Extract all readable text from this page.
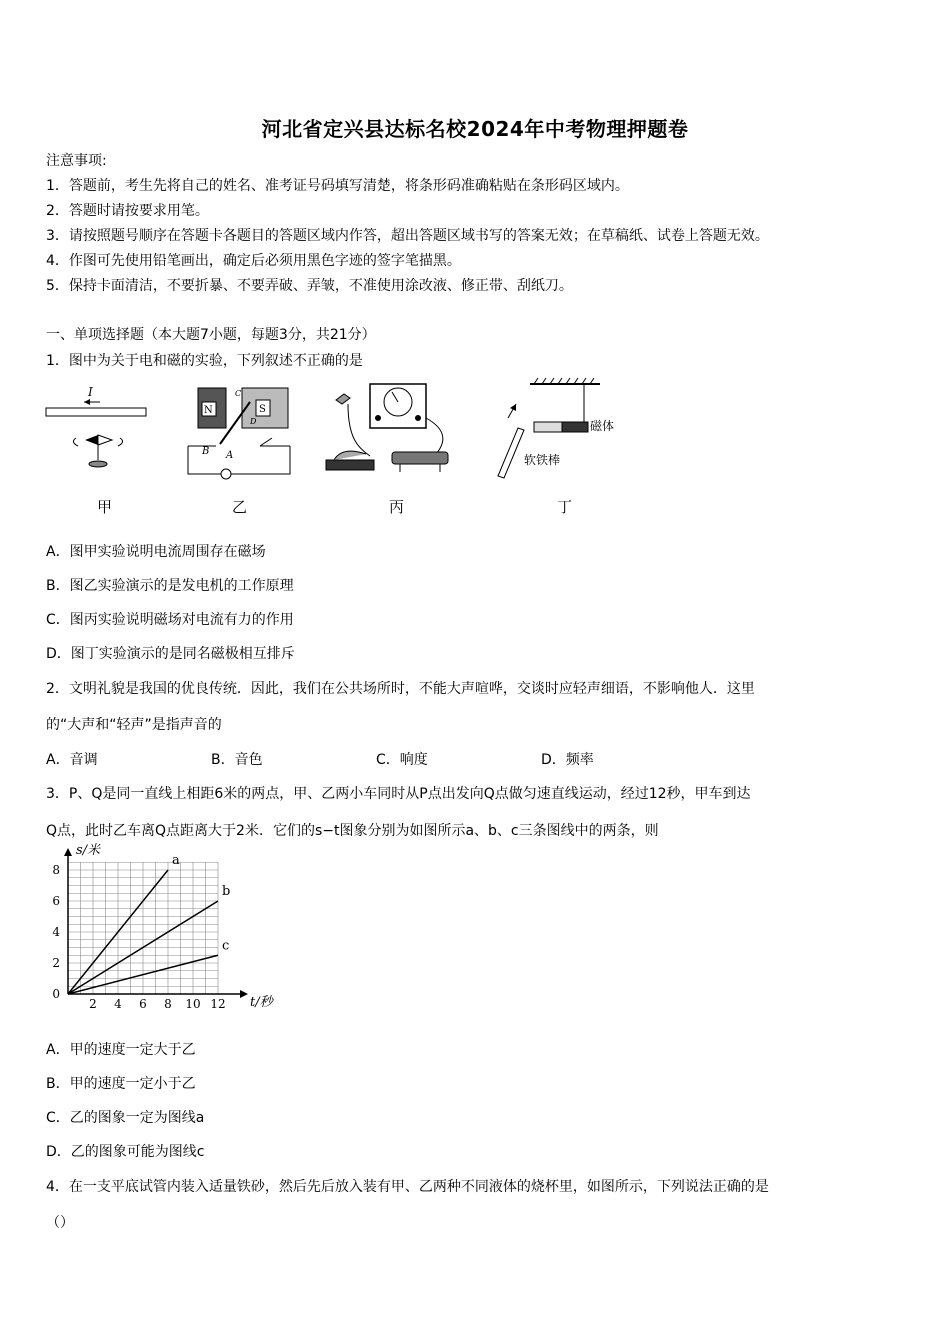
河北省定兴县达标名校2024年中考物理押题卷
注意事项:
1．答题前，考生先将自己的姓名、准考证号码填写清楚，将条形码准确粘贴在条形码区域内。
2．答题时请按要求用笔。
3．请按照题号顺序在答题卡各题目的答题区域内作答，超出答题区域书写的答案无效；在草稿纸、试卷上答题无效。
4．作图可先使用铅笔画出，确定后必须用黑色字迹的签字笔描黑。
5．保持卡面清洁，不要折暴、不要弄破、弄皱，不准使用涂改液、修正带、刮纸刀。
一、单项选择题（本大题7小题，每题3分，共21分）
1．图中为关于电和磁的实验，下列叙述不正确的是
I
N	S
C
D
B A
磁体
软铁棒
甲	乙	丙	丁
A．图甲实验说明电流周围存在磁场
B．图乙实验演示的是发电机的工作原理
C．图丙实验说明磁场对电流有力的作用
D．图丁实验演示的是同名磁极相互排斥
2．文明礼貌是我国的优良传统．因此，我们在公共场所时，不能大声喧哗，交谈时应轻声细语，不影响他人．这里
的“大声和“轻声”是指声音的
A．音调	B．音色	C．响度	D．频率
3．P、Q是同一直线上相距6米的两点，甲、乙两小车同时从P点出发向Q点做匀速直线运动，经过12秒，甲车到达
Q点，此时乙车离Q点距离大于2米．它们的s−t图象分别为如图所示a、b、c三条图线中的两条，则
2 4 6 8 10 12
2
4
6
8
0
s/米
t/秒
a
b
c
A．甲的速度一定大于乙
B．甲的速度一定小于乙
C．乙的图象一定为图线a
D．乙的图象可能为图线c
4．在一支平底试管内装入适量铁砂，然后先后放入装有甲、乙两种不同液体的烧杯里，如图所示，下列说法正确的是
（）
